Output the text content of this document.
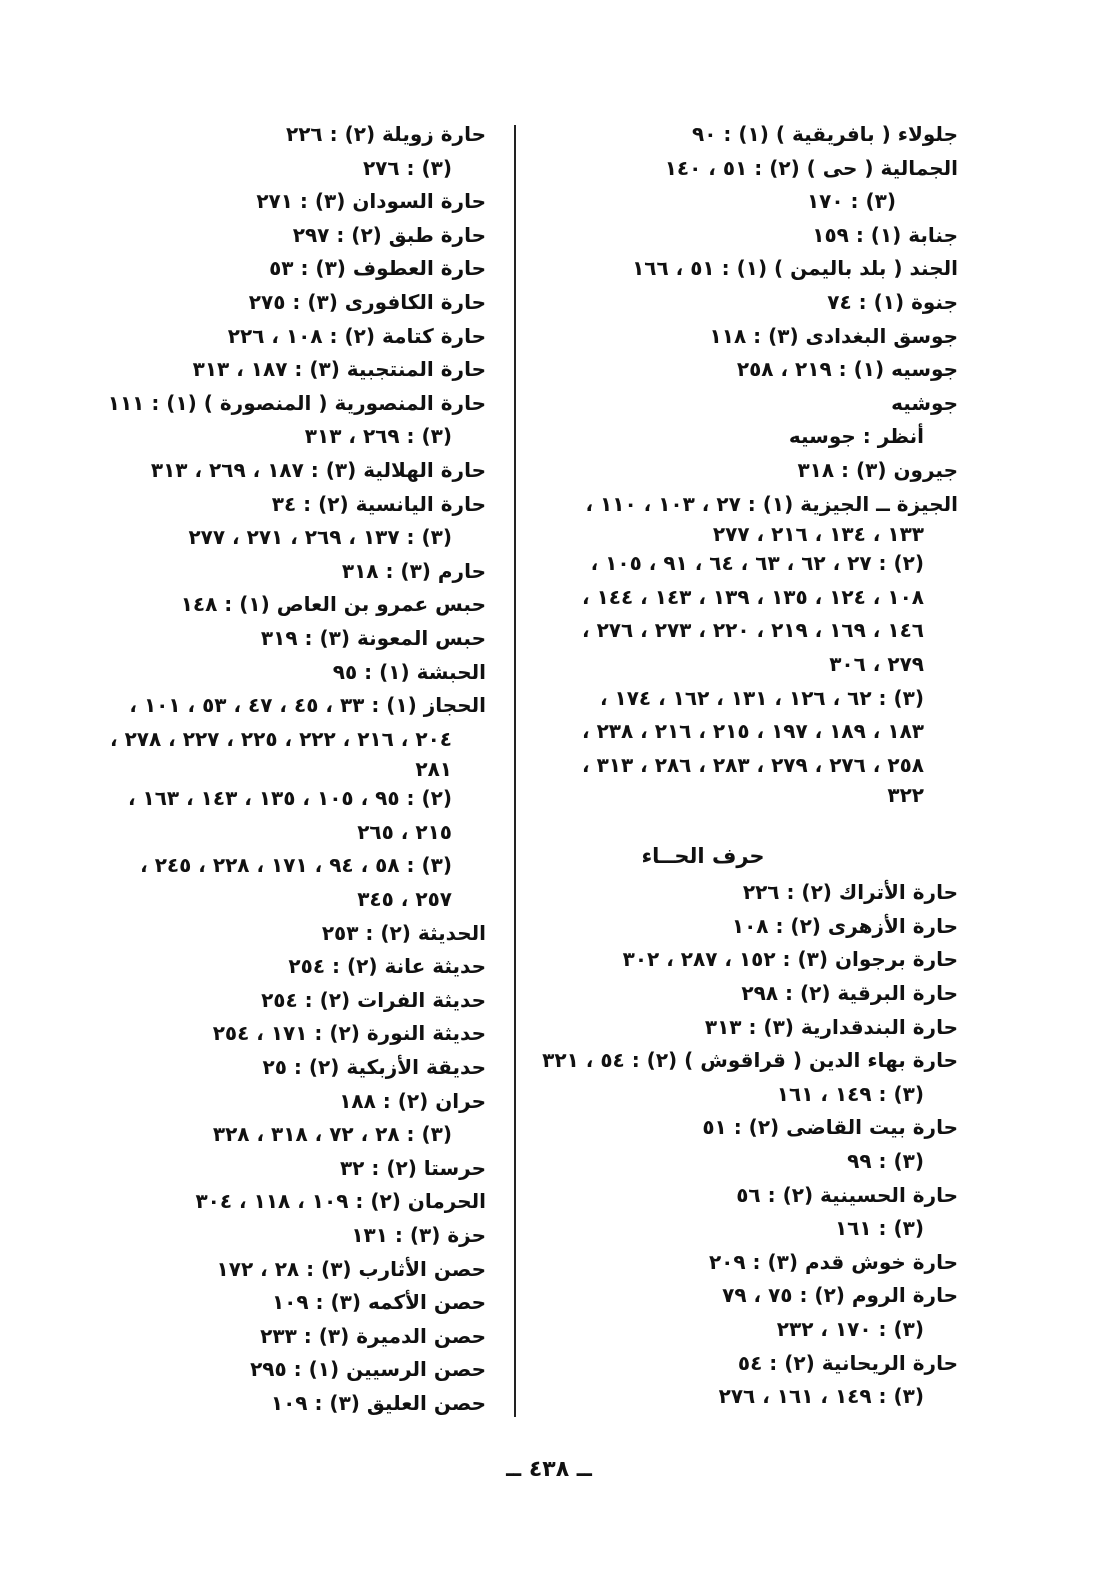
جلولاء ( بافريقية ) (١) : ٩٠
الجمالية ( حى ) (٢) : ٥١ ، ١٤٠
(٣) : ١٧٠
جنابة (١) : ١٥٩
الجند ( بلد باليمن ) (١) : ٥١ ، ١٦٦
جنوة (١) : ٧٤
جوسق البغدادى (٣) : ١١٨
جوسيه (١) : ٢١٩ ، ٢٥٨
جوشيه
أنظر : جوسيه
جيرون (٣) : ٣١٨
الجيزة ــ الجيزية (١) : ٢٧ ، ١٠٣ ، ١١٠ ،
١٣٣ ، ١٣٤ ، ٢١٦ ، ٢٧٧
(٢) : ٢٧ ، ٦٢ ، ٦٣ ، ٦٤ ، ٩١ ، ١٠٥ ،
١٠٨ ، ١٢٤ ، ١٣٥ ، ١٣٩ ، ١٤٣ ، ١٤٤ ،
١٤٦ ، ١٦٩ ، ٢١٩ ، ٢٢٠ ، ٢٧٣ ، ٢٧٦ ،
٢٧٩ ، ٣٠٦
(٣) : ٦٢ ، ١٢٦ ، ١٣١ ، ١٦٢ ، ١٧٤ ،
١٨٣ ، ١٨٩ ، ١٩٧ ، ٢١٥ ، ٢١٦ ، ٢٣٨ ،
٢٥٨ ، ٢٧٦ ، ٢٧٩ ، ٢٨٣ ، ٢٨٦ ، ٣١٣ ،
٣٢٢
حرف الحــاء
حارة الأتراك (٢) : ٢٢٦
حارة الأزهرى (٢) : ١٠٨
حارة برجوان (٣) : ١٥٢ ، ٢٨٧ ، ٣٠٢
حارة البرقية (٢) : ٢٩٨
حارة البندقدارية (٣) : ٣١٣
حارة بهاء الدين ( قراقوش ) (٢) : ٥٤ ، ٣٢١
(٣) : ١٤٩ ، ١٦١
حارة بيت القاضى (٢) : ٥١
(٣) : ٩٩
حارة الحسينية (٢) : ٥٦
(٣) : ١٦١
حارة خوش قدم (٣) : ٢٠٩
حارة الروم (٢) : ٧٥ ، ٧٩
(٣) : ١٧٠ ، ٢٣٢
حارة الريحانية (٢) : ٥٤
(٣) : ١٤٩ ، ١٦١ ، ٢٧٦
حارة زويلة (٢) : ٢٢٦
(٣) : ٢٧٦
حارة السودان (٣) : ٢٧١
حارة طبق (٢) : ٢٩٧
حارة العطوف (٣) : ٥٣
حارة الكافورى (٣) : ٢٧٥
حارة كتامة (٢) : ١٠٨ ، ٢٢٦
حارة المنتجبية (٣) : ١٨٧ ، ٣١٣
حارة المنصورية ( المنصورة ) (١) : ١١١
(٣) : ٢٦٩ ، ٣١٣
حارة الهلالية (٣) : ١٨٧ ، ٢٦٩ ، ٣١٣
حارة اليانسية (٢) : ٣٤
(٣) : ١٣٧ ، ٢٦٩ ، ٢٧١ ، ٢٧٧
حارم (٣) : ٣١٨
حبس عمرو بن العاص (١) : ١٤٨
حبس المعونة (٣) : ٣١٩
الحبشة (١) : ٩٥
الحجاز (١) : ٣٣ ، ٤٥ ، ٤٧ ، ٥٣ ، ١٠١ ،
٢٠٤ ، ٢١٦ ، ٢٢٢ ، ٢٢٥ ، ٢٢٧ ، ٢٧٨ ،
٢٨١
(٢) : ٩٥ ، ١٠٥ ، ١٣٥ ، ١٤٣ ، ١٦٣ ،
٢١٥ ، ٢٦٥
(٣) : ٥٨ ، ٩٤ ، ١٧١ ، ٢٢٨ ، ٢٤٥ ،
٢٥٧ ، ٣٤٥
الحديثة (٢) : ٢٥٣
حديثة عانة (٢) : ٢٥٤
حديثة الفرات (٢) : ٢٥٤
حديثة النورة (٢) : ١٧١ ، ٢٥٤
حديقة الأزبكية (٢) : ٢٥
حران (٢) : ١٨٨
(٣) : ٢٨ ، ٧٢ ، ٣١٨ ، ٣٢٨
حرستا (٢) : ٣٢
الحرمان (٢) : ١٠٩ ، ١١٨ ، ٣٠٤
حزة (٣) : ١٣١
حصن الأثارب (٣) : ٢٨ ، ١٧٢
حصن الأكمه (٣) : ١٠٩
حصن الدميرة (٣) : ٢٣٣
حصن الرسيين (١) : ٢٩٥
حصن العليق (٣) : ١٠٩
ــ ٤٣٨ ــ
